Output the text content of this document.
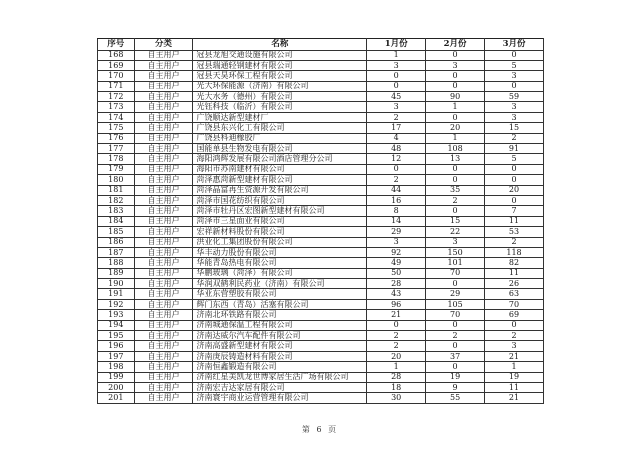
序号	分类	名称	1月份	2月份	3月份
168	自主用户	冠县龙旭交通设施有限公司	1	0	0
169	自主用户	冠县瑞通轻钢建材有限公司	3	3	5
170	自主用户	冠县天昊环保工程有限公司	0	0	3
171	自主用户	光大环保能源（济南）有限公司	0	0	0
172	自主用户	光大水务（德州）有限公司	45	90	59
173	自主用户	光钰科技（临沂）有限公司	3	1	3
174	自主用户	广饶顺达新型建材厂	2	0	3
175	自主用户	广饶县东兴化工有限公司	17	20	15
176	自主用户	广饶县科迪橡胶厂	4	1	2
177	自主用户	国能单县生物发电有限公司	48	108	91
178	自主用户	海阳鸿辉发展有限公司酒店管理分公司	12	13	5
179	自主用户	海阳市苏南建材有限公司	0	0	0
180	自主用户	菏泽惠菏新型建材有限公司	2	0	0
181	自主用户	菏泽晶富再生资源开发有限公司	44	35	20
182	自主用户	菏泽市国花纺织有限公司	16	2	0
183	自主用户	菏泽市牡丹区宏图新型建材有限公司	8	0	7
184	自主用户	菏泽市三星面业有限公司	14	15	11
185	自主用户	宏祥新材料股份有限公司	29	22	53
186	自主用户	洪业化工集团股份有限公司	3	3	2
187	自主用户	华丰动力股份有限公司	92	150	118
188	自主用户	华能青岛热电有限公司	49	101	82
189	自主用户	华鹏玻璃（菏泽）有限公司	50	70	11
190	自主用户	华润双鹤利民药业（济南）有限公司	28	0	26
191	自主用户	华亚东营塑胶有限公司	43	29	63
192	自主用户	辉门东西（青岛）活塞有限公司	96	105	70
193	自主用户	济南北环铁路有限公司	21	70	69
194	自主用户	济南城通保温工程有限公司	0	0	0
195	自主用户	济南达威尔汽车配件有限公司	2	2	2
196	自主用户	济南高盛新型建材有限公司	2	0	3
197	自主用户	济南庚辰铸造材料有限公司	20	37	21
198	自主用户	济南恒鑫锻造有限公司	1	0	1
199	自主用户	济南红星美凯龙世博家居生活广场有限公司	28	19	19
200	自主用户	济南宏吉达家居有限公司	18	9	11
201	自主用户	济南寰宇商业运营管理有限公司	30	55	21
第 6 页
